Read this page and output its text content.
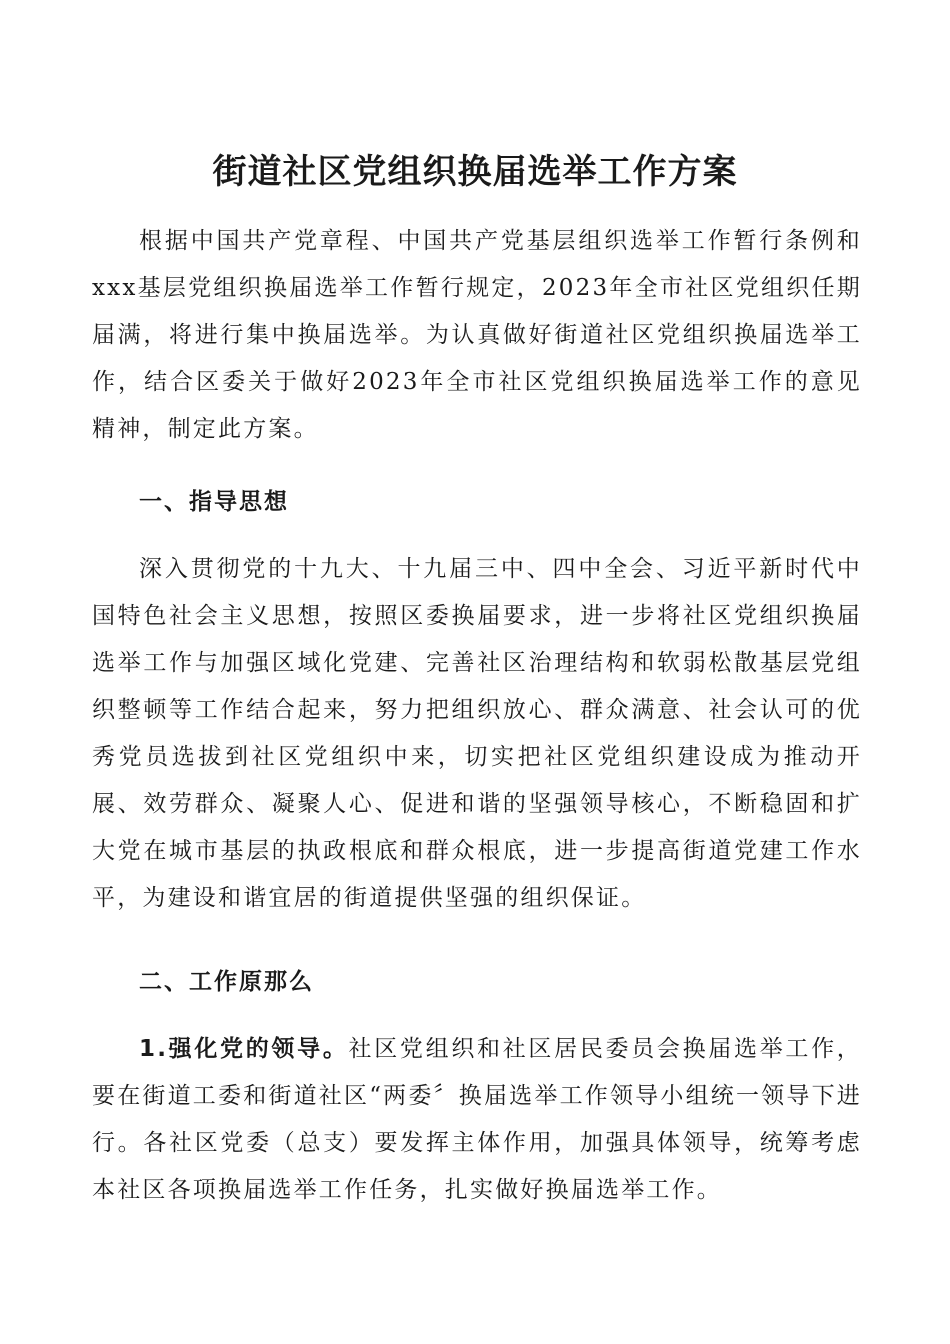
街道社区党组织换届选举工作方案

根据中国共产党章程、中国共产党基层组织选举工作暂行条例和xxx基层党组织换届选举工作暂行规定，2023年全市社区党组织任期届满，将进行集中换届选举。为认真做好街道社区党组织换届选举工作，结合区委关于做好2023年全市社区党组织换届选举工作的意见精神，制定此方案。

一、指导思想

深入贯彻党的十九大、十九届三中、四中全会、习近平新时代中国特色社会主义思想，按照区委换届要求，进一步将社区党组织换届选举工作与加强区域化党建、完善社区治理结构和软弱松散基层党组织整顿等工作结合起来，努力把组织放心、群众满意、社会认可的优秀党员选拔到社区党组织中来，切实把社区党组织建设成为推动开展、效劳群众、凝聚人心、促进和谐的坚强领导核心，不断稳固和扩大党在城市基层的执政根底和群众根底，进一步提高街道党建工作水平，为建设和谐宜居的街道提供坚强的组织保证。

二、工作原那么

1.强化党的领导。社区党组织和社区居民委员会换届选举工作，要在街道工委和街道社区“两委〞换届选举工作领导小组统一领导下进行。各社区党委（总支）要发挥主体作用，加强具体领导，统筹考虑本社区各项换届选举工作任务，扎实做好换届选举工作。
